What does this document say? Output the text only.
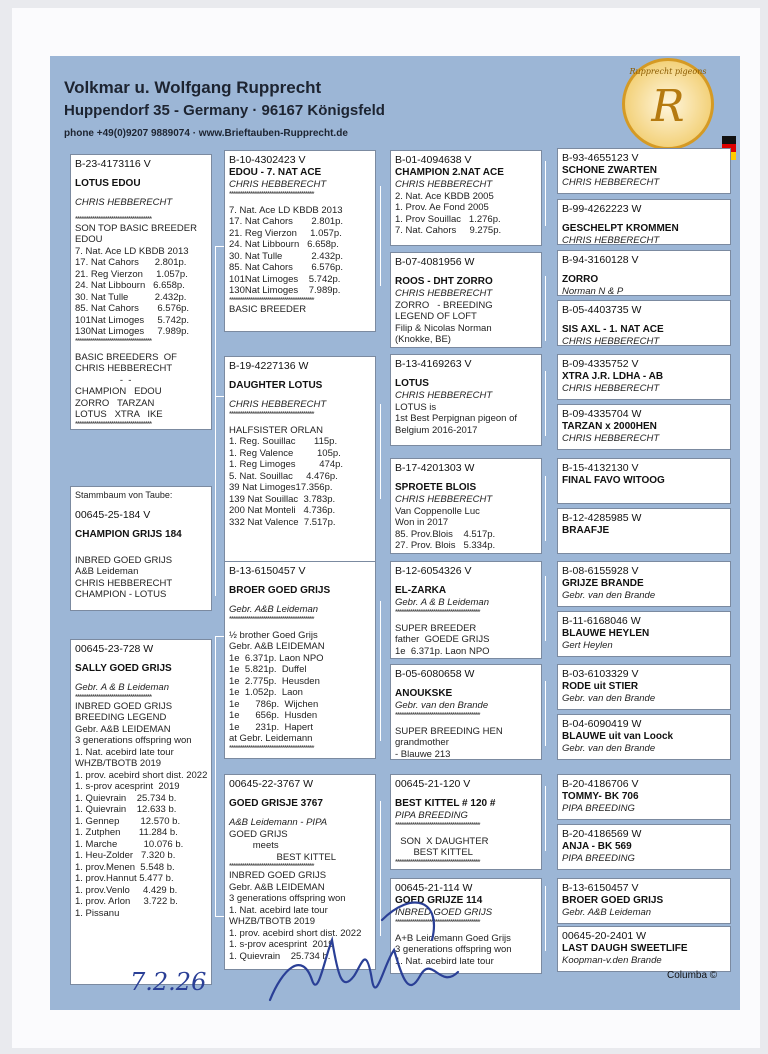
Volkmar u. Wolfgang Rupprecht
Huppendorf 35 - Germany · 96167 Königsfeld
phone +49(0)9207 9889074 · www.Brieftauben-Rupprecht.de
Rupprecht pigeons
R
B-23-4173116 V
LOTUS EDOU
CHRIS HEBBERECHT
************************************
SON TOP BASIC BREEDER
EDOU
7. Nat. Ace LD KBDB 2013
17. Nat Cahors      2.801p.
21. Reg Vierzon     1.057p.
24. Nat Libbourn   6.658p.
30. Nat Tulle          2.432p.
85. Nat Cahors       6.576p.
101Nat Limoges     5.742p.
130Nat Limoges     7.989p.
************************************
BASIC BREEDERS  OF
CHRIS HEBBERECHT
-  -
CHAMPION   EDOU
ZORRO   TARZAN
LOTUS   XTRA   IKE
************************************
Stammbaum von Taube:
00645-25-184 V
CHAMPION GRIJS 184
INBRED GOED GRIJS
A&B Leideman
CHRIS HEBBERECHT
CHAMPION - LOTUS
00645-23-728 W
SALLY GOED GRIJS
Gebr. A & B Leideman
************************************
INBRED GOED GRIJS
BREEDING LEGEND
Gebr. A&B LEIDEMAN
3 generations offspring won
1. Nat. acebird late tour
WHZB/TBOTB 2019
1. prov. acebird short dist. 2022
1. s-prov acesprint  2019
1. Quievrain    25.734 b.
1. Quievrain    12.633 b.
1. Gennep        12.570 b.
1. Zutphen       11.284 b.
1. Marche          10.076 b.
1. Heu-Zolder   7.320 b.
1. prov.Menen  5.548 b.
1. prov.Hannut 5.477 b.
1. prov.Venlo     4.429 b.
1. prov. Arlon     3.722 b.
1. Pissanu
B-10-4302423 V
EDOU - 7. NAT ACE
CHRIS HEBBERECHT
****************************************
7. Nat. Ace LD KBDB 2013
17. Nat Cahors       2.801p.
21. Reg Vierzon     1.057p.
24. Nat Libbourn   6.658p.
30. Nat Tulle           2.432p.
85. Nat Cahors       6.576p.
101Nat Limoges    5.742p.
130Nat Limoges    7.989p.
****************************************
BASIC BREEDER
B-19-4227136 W
DAUGHTER LOTUS
CHRIS HEBBERECHT
****************************************
HALFSISTER ORLAN
1. Reg. Souillac       115p.
1. Reg Valence         105p.
1. Reg Limoges         474p.
5. Nat. Souillac     4.476p.
39 Nat Limoges17.356p.
139 Nat Souillac  3.783p.
200 Nat Monteli   4.736p.
332 Nat Valence  7.517p.
B-13-6150457 V
BROER GOED GRIJS
Gebr. A&B Leideman
****************************************
½ brother Goed Grijs
Gebr. A&B LEIDEMAN
1e  6.371p. Laon NPO
1e  5.821p.  Duffel
1e  2.775p.  Heusden
1e  1.052p.  Laon
1e      786p.  Wijchen
1e      656p.  Husden
1e      231p.  Hapert
at Gebr. Leidemann
****************************************
00645-22-3767 W
GOED GRISJE 3767
A&B Leidemann - PIPA
GOED GRIJS
meets
BEST KITTEL
****************************************
INBRED GOED GRIJS
Gebr. A&B LEIDEMAN
3 generations offspring won
1. Nat. acebird late tour
WHZB/TBOTB 2019
1. prov. acebird short dist. 2022
1. s-prov acesprint  2019
1. Quievrain    25.734 b.
B-01-4094638 V
CHAMPION 2.NAT ACE
CHRIS HEBBERECHT
2. Nat. Ace KBDB 2005
1. Prov. Ae Fond 2005
1. Prov Souillac   1.276p.
7. Nat. Cahors     9.275p.
B-07-4081956 W
ROOS - DHT ZORRO
CHRIS HEBBERECHT
ZORRO   - BREEDING
LEGEND OF LOFT
Filip & Nicolas Norman
(Knokke, BE)
B-13-4169263 V
LOTUS
CHRIS HEBBERECHT
LOTUS is
1st Best Perpignan pigeon of
Belgium 2016-2017
B-17-4201303 W
SPROETE BLOIS
CHRIS HEBBERECHT
Van Coppenolle Luc
Won in 2017
85. Prov.Blois    4.517p.
27. Prov. Blois   5.334p.
B-12-6054326 V
EL-ZARKA
Gebr. A & B Leideman
****************************************
SUPER BREEDER
father  GOEDE GRIJS
1e  6.371p. Laon NPO
B-05-6080658 W
ANOUKSKE
Gebr. van den Brande
****************************************
SUPER BREEDING HEN
grandmother
- Blauwe 213
00645-21-120 V
BEST KITTEL # 120 #
PIPA BREEDING
****************************************
SON  X DAUGHTER
BEST KITTEL
****************************************
00645-21-114 W
GOED GRIJZE 114
INBRED GOED GRIJS
****************************************
A+B Leidemann Goed Grijs
3 generations offspring won
1. Nat. acebird late tour
B-93-4655123 V
SCHONE ZWARTEN
CHRIS HEBBERECHT
B-99-4262223 W
GESCHELPT KROMMEN
CHRIS HEBBERECHT
B-94-3160128 V
ZORRO
Norman N & P
B-05-4403735 W
SIS AXL - 1. NAT ACE
CHRIS HEBBERECHT
B-09-4335752 V
XTRA J.R. LDHA - AB
CHRIS HEBBERECHT
B-09-4335704 W
TARZAN x 2000HEN
CHRIS HEBBERECHT
B-15-4132130 V
FINAL FAVO WITOOG
B-12-4285985 W
BRAAFJE
B-08-6155928 V
GRIJZE BRANDE
Gebr. van den Brande
B-11-6168046 W
BLAUWE HEYLEN
Gert Heylen
B-03-6103329 V
RODE uit STIER
Gebr. van den Brande
B-04-6090419 W
BLAUWE uit van Loock
Gebr. van den Brande
B-20-4186706 V
TOMMY- BK 706
PIPA BREEDING
B-20-4186569 W
ANJA - BK 569
PIPA BREEDING
B-13-6150457 V
BROER GOED GRIJS
Gebr. A&B Leideman
00645-20-2401 W
LAST DAUGH SWEETLIFE
Koopman-v.den Brande
Columba ©
7.2.26
